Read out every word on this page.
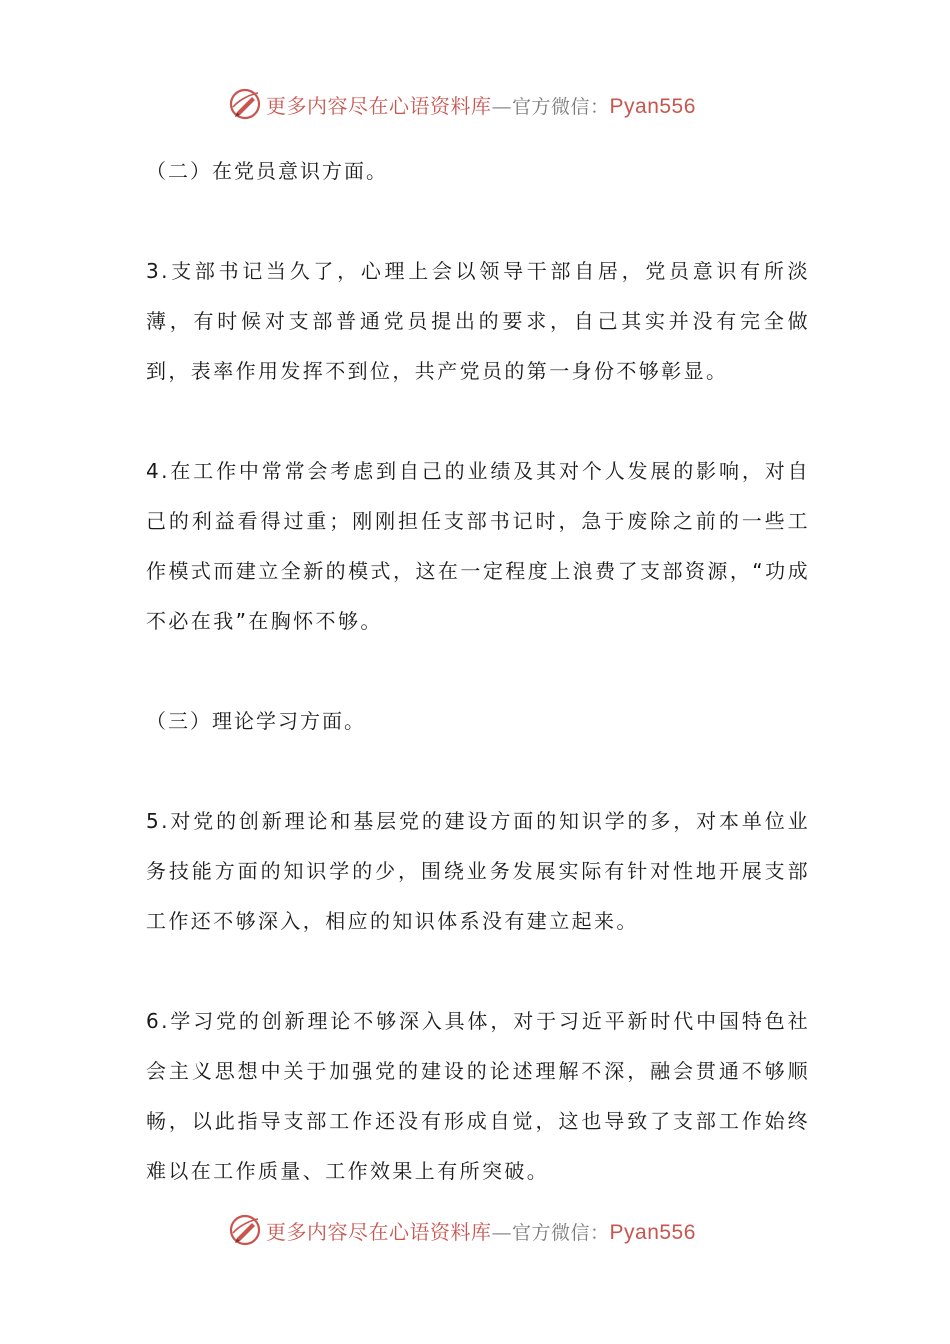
更多内容尽在心语资料库—官方微信：Pyan556

（二）在党员意识方面。

3.支部书记当久了，心理上会以领导干部自居，党员意识有所淡薄，有时候对支部普通党员提出的要求，自己其实并没有完全做到，表率作用发挥不到位，共产党员的第一身份不够彰显。

4.在工作中常常会考虑到自己的业绩及其对个人发展的影响，对自己的利益看得过重；刚刚担任支部书记时，急于废除之前的一些工作模式而建立全新的模式，这在一定程度上浪费了支部资源，“功成不必在我”在胸怀不够。

（三）理论学习方面。

5.对党的创新理论和基层党的建设方面的知识学的多，对本单位业务技能方面的知识学的少，围绕业务发展实际有针对性地开展支部工作还不够深入，相应的知识体系没有建立起来。

6.学习党的创新理论不够深入具体，对于习近平新时代中国特色社会主义思想中关于加强党的建设的论述理解不深，融会贯通不够顺畅，以此指导支部工作还没有形成自觉，这也导致了支部工作始终难以在工作质量、工作效果上有所突破。

更多内容尽在心语资料库—官方微信：Pyan556
